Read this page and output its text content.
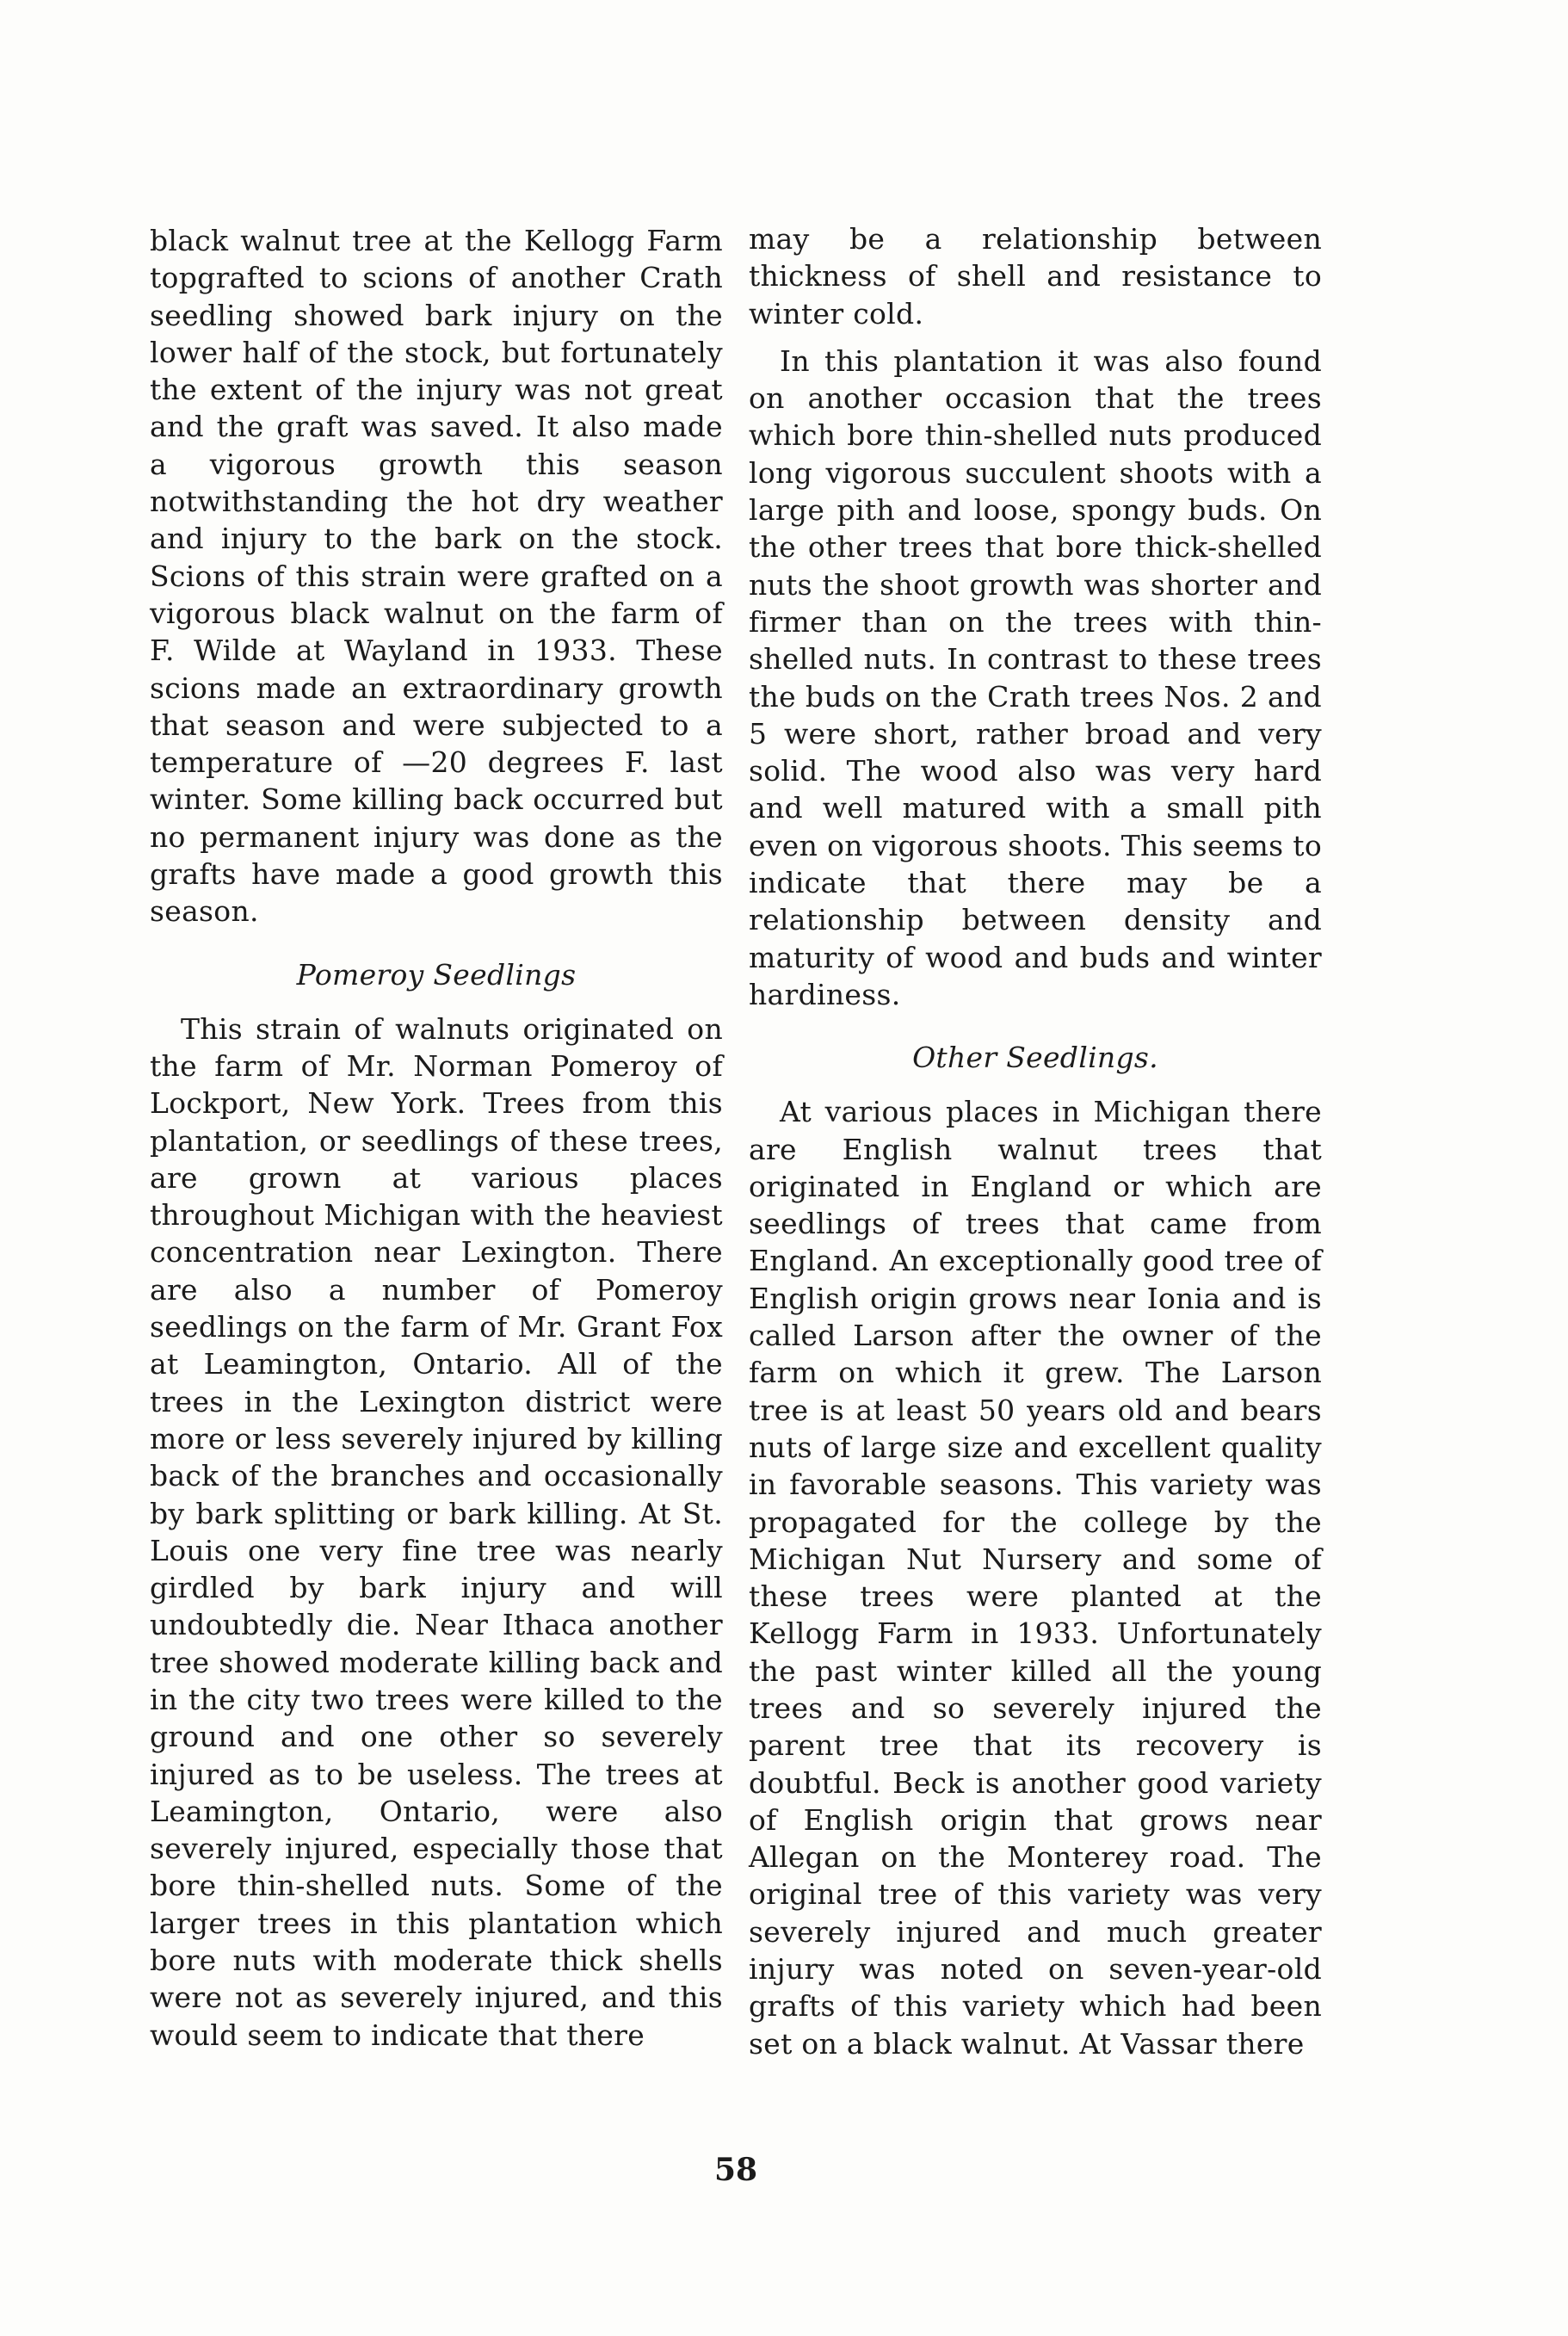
black walnut tree at the Kellogg Farm topgrafted to scions of another Crath seedling showed bark injury on the lower half of the stock, but fortunately the extent of the injury was not great and the graft was saved. It also made a vigorous growth this season notwithstanding the hot dry weather and injury to the bark on the stock. Scions of this strain were grafted on a vigorous black walnut on the farm of F. Wilde at Wayland in 1933. These scions made an extraordinary growth that season and were subjected to a temperature of —20 degrees F. last winter. Some killing back occurred but no permanent injury was done as the grafts have made a good growth this season.

Pomeroy Seedlings

This strain of walnuts originated on the farm of Mr. Norman Pomeroy of Lockport, New York. Trees from this plantation, or seedlings of these trees, are grown at various places throughout Michigan with the heaviest concentration near Lexington. There are also a number of Pomeroy seedlings on the farm of Mr. Grant Fox at Leamington, Ontario. All of the trees in the Lexington district were more or less severely injured by killing back of the branches and occasionally by bark splitting or bark killing. At St. Louis one very fine tree was nearly girdled by bark injury and will undoubtedly die. Near Ithaca another tree showed moderate killing back and in the city two trees were killed to the ground and one other so severely injured as to be useless. The trees at Leamington, Ontario, were also severely injured, especially those that bore thin-shelled nuts. Some of the larger trees in this plantation which bore nuts with moderate thick shells were not as severely injured, and this would seem to indicate that there

may be a relationship between thickness of shell and resistance to winter cold.

In this plantation it was also found on another occasion that the trees which bore thin-shelled nuts produced long vigorous succulent shoots with a large pith and loose, spongy buds. On the other trees that bore thick-shelled nuts the shoot growth was shorter and firmer than on the trees with thin-shelled nuts. In contrast to these trees the buds on the Crath trees Nos. 2 and 5 were short, rather broad and very solid. The wood also was very hard and well matured with a small pith even on vigorous shoots. This seems to indicate that there may be a relationship between density and maturity of wood and buds and winter hardiness.

Other Seedlings.

At various places in Michigan there are English walnut trees that originated in England or which are seedlings of trees that came from England. An exceptionally good tree of English origin grows near Ionia and is called Larson after the owner of the farm on which it grew. The Larson tree is at least 50 years old and bears nuts of large size and excellent quality in favorable seasons. This variety was propagated for the college by the Michigan Nut Nursery and some of these trees were planted at the Kellogg Farm in 1933. Unfortunately the past winter killed all the young trees and so severely injured the parent tree that its recovery is doubtful. Beck is another good variety of English origin that grows near Allegan on the Monterey road. The original tree of this variety was very severely injured and much greater injury was noted on seven-year-old grafts of this variety which had been set on a black walnut. At Vassar there

58
